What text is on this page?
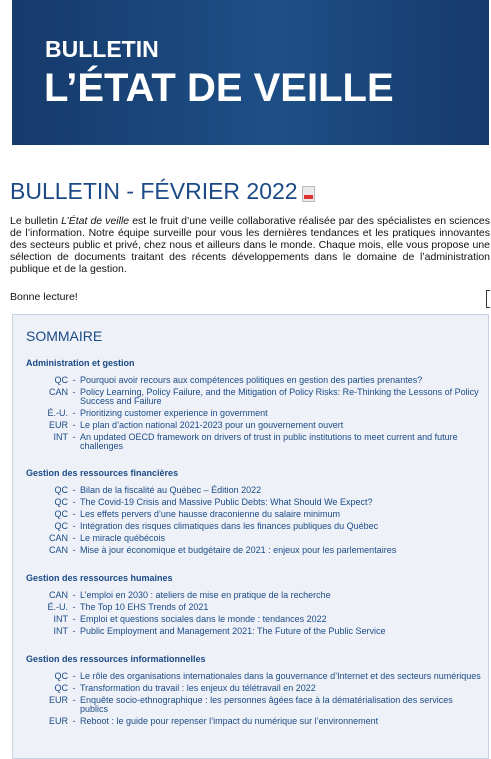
BULLETIN
L’ÉTAT DE VEILLE
BULLETIN - FÉVRIER 2022
Le bulletin L’État de veille est le fruit d’une veille collaborative réalisée par des spécialistes en sciences de l’information. Notre équipe surveille pour vous les dernières tendances et les pratiques innovantes des secteurs public et privé, chez nous et ailleurs dans le monde. Chaque mois, elle vous propose une sélection de documents traitant des récents développements dans le domaine de l’administration publique et de la gestion.
Bonne lecture!
SOMMAIRE
Administration et gestion
QC - Pourquoi avoir recours aux compétences politiques en gestion des parties prenantes?
CAN - Policy Learning, Policy Failure, and the Mitigation of Policy Risks: Re-Thinking the Lessons of Policy Success and Failure
É.-U. - Prioritizing customer experience in government
EUR - Le plan d’action national 2021-2023 pour un gouvernement ouvert
INT - An updated OECD framework on drivers of trust in public institutions to meet current and future challenges
Gestion des ressources financières
QC - Bilan de la fiscalité au Québec – Édition 2022
QC - The Covid-19 Crisis and Massive Public Debts: What Should We Expect?
QC - Les effets pervers d’une hausse draconienne du salaire minimum
QC - Intégration des risques climatiques dans les finances publiques du Québec
CAN - Le miracle québécois
CAN - Mise à jour économique et budgétaire de 2021 : enjeux pour les parlementaires
Gestion des ressources humaines
CAN - L’emploi en 2030 : ateliers de mise en pratique de la recherche
É.-U. - The Top 10 EHS Trends of 2021
INT - Emploi et questions sociales dans le monde : tendances 2022
INT - Public Employment and Management 2021: The Future of the Public Service
Gestion des ressources informationnelles
QC - Le rôle des organisations internationales dans la gouvernance d’Internet et des secteurs numériques
QC - Transformation du travail : les enjeux du télétravail en 2022
EUR - Enquête socio-ethnographique : les personnes âgées face à la dématérialisation des services publics
EUR - Reboot : le guide pour repenser l’impact du numérique sur l’environnement
